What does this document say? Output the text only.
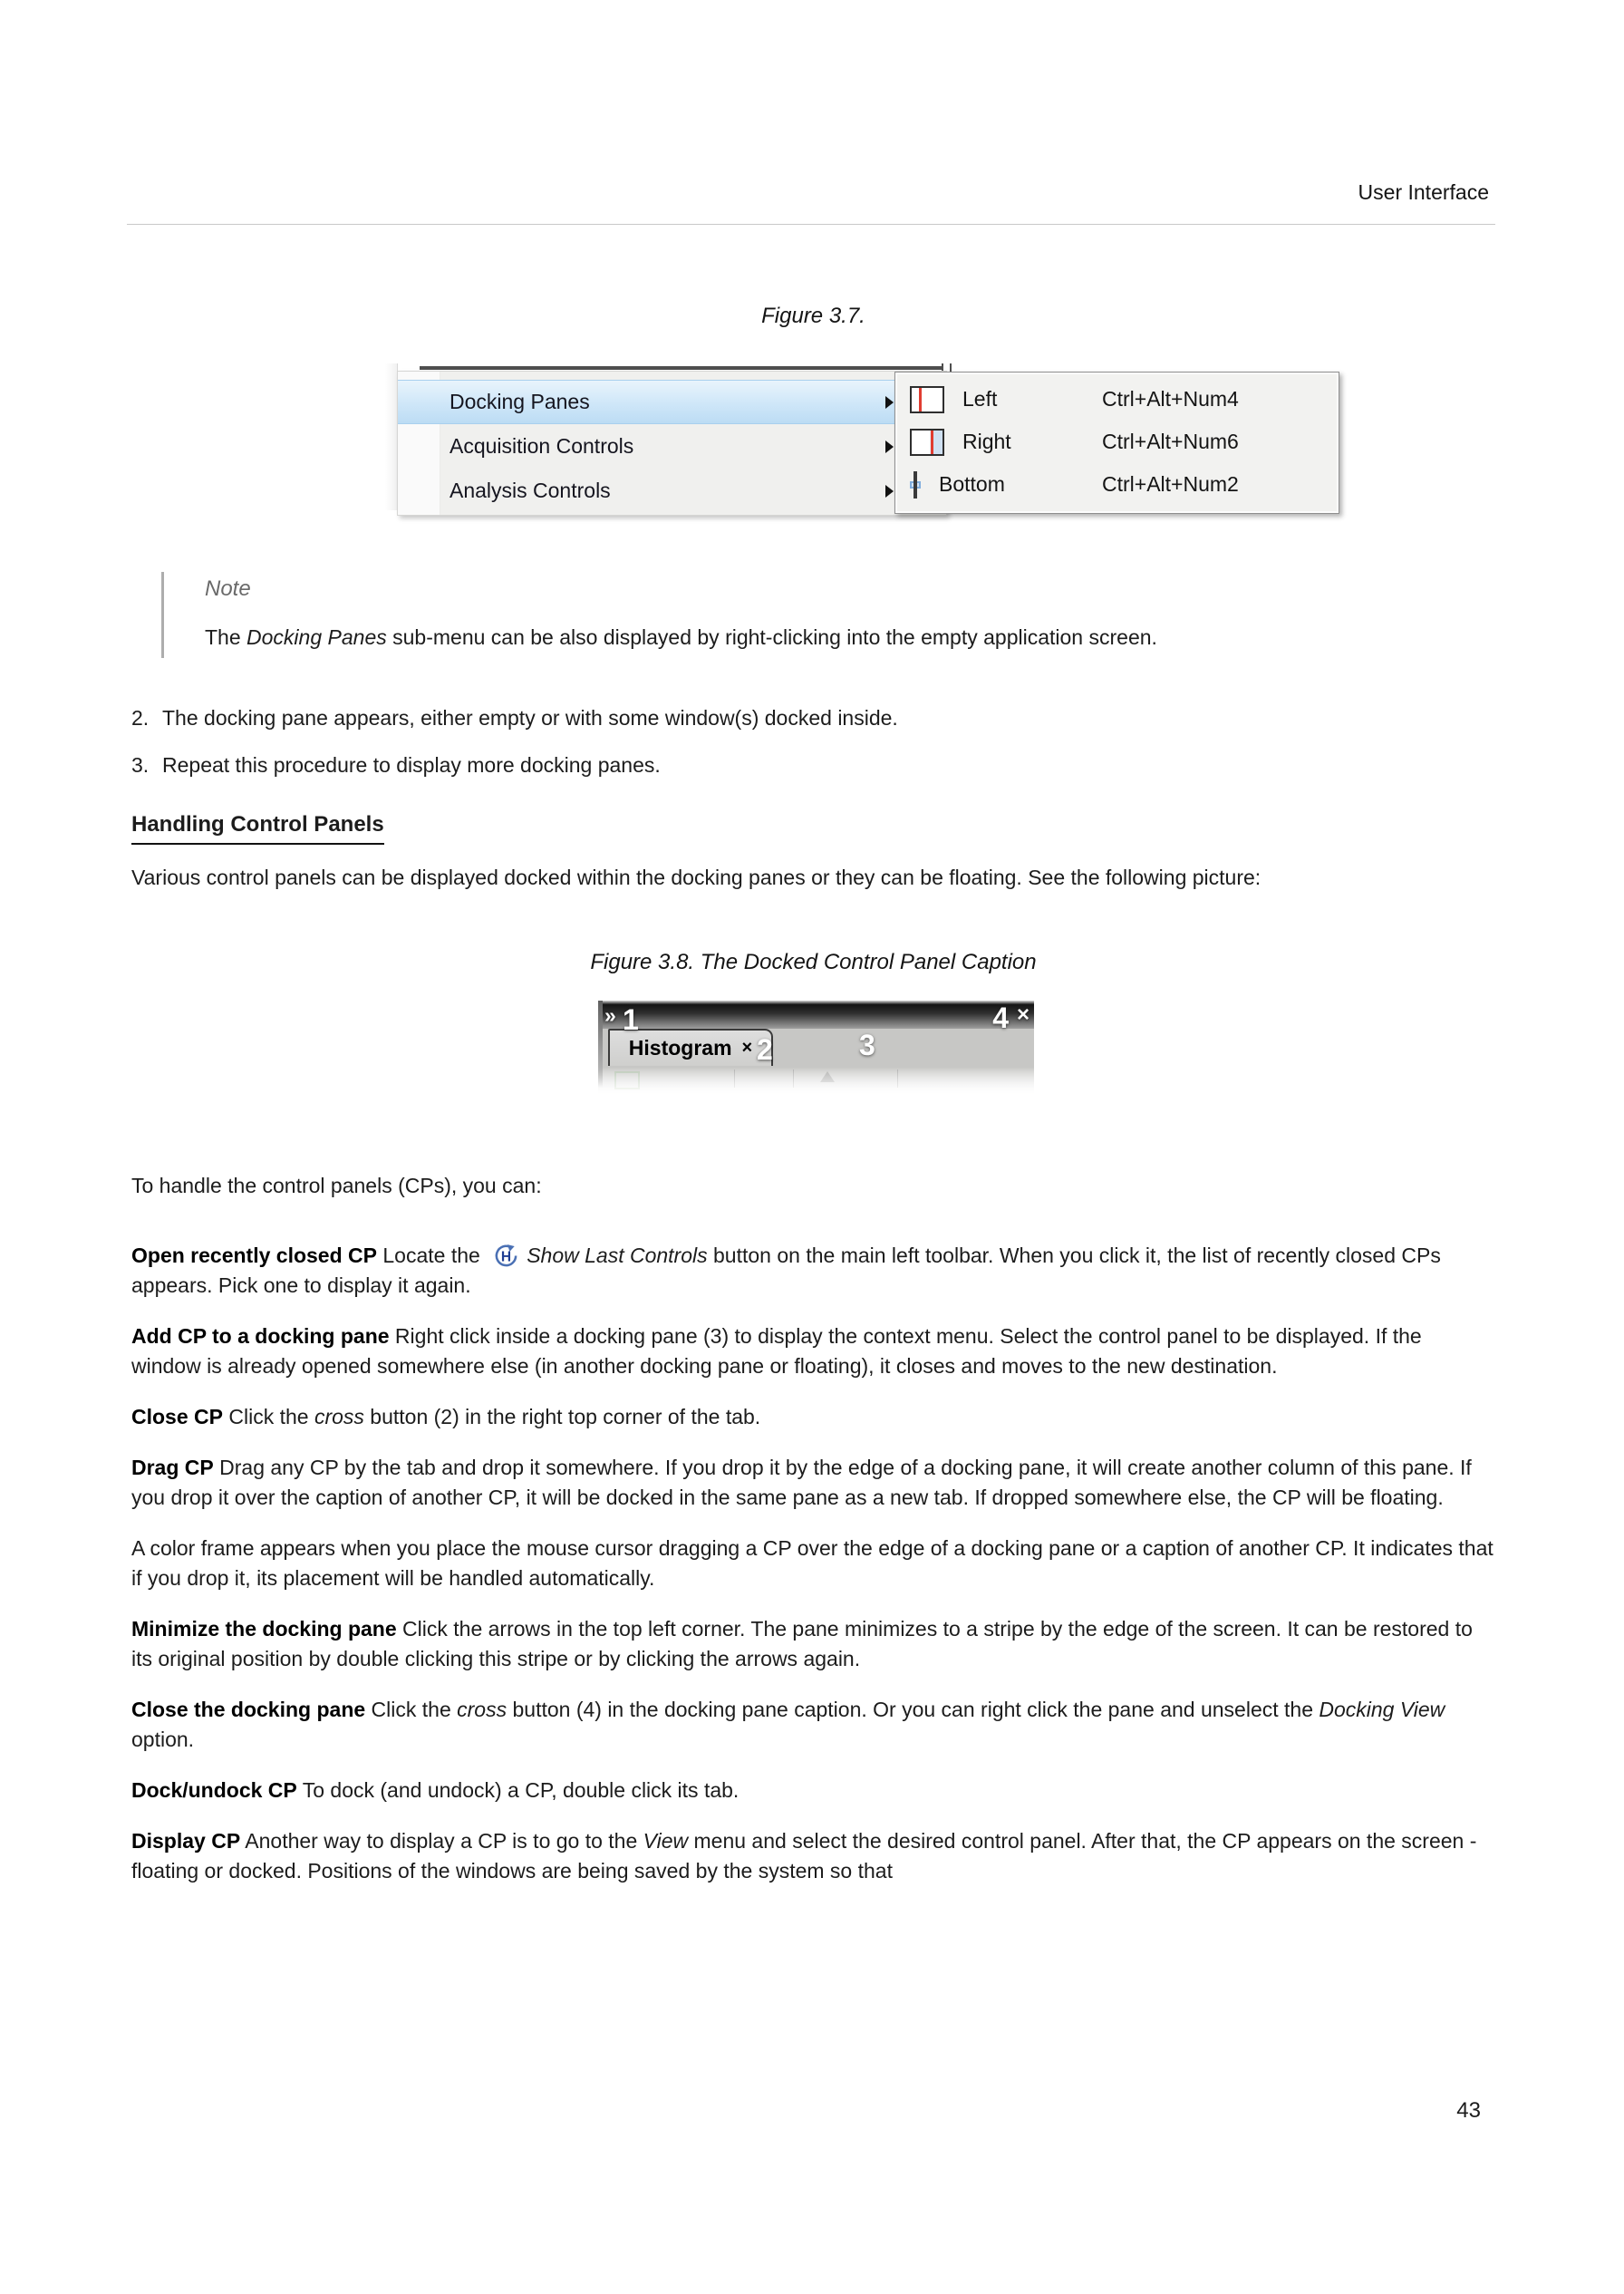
User Interface
Figure 3.7.
Docking Panes
Acquisition Controls
Analysis Controls
Left	Ctrl+Alt+Num4
Right	Ctrl+Alt+Num6
Bottom	Ctrl+Alt+Num2
Note
The Docking Panes sub-menu can be also displayed by right-clicking into the empty application screen.
2. The docking pane appears, either empty or with some window(s) docked inside.
3. Repeat this procedure to display more docking panes.
Handling Control Panels

Various control panels can be displayed docked within the docking panes or they can be floating. See the following picture:

Figure 3.8. The Docked Control Panel Caption
Histogram ×
» 1
2	3
4 ×

To handle the control panels (CPs), you can:

Open recently closed CP Locate the H Show Last Controls button on the main left toolbar. When you click it, the list of recently closed CPs appears. Pick one to display it again.

Add CP to a docking pane Right click inside a docking pane (3) to display the context menu. Select the control panel to be displayed. If the window is already opened somewhere else (in another docking pane or floating), it closes and moves to the new destination.

Close CP Click the cross button (2) in the right top corner of the tab.

Drag CP Drag any CP by the tab and drop it somewhere. If you drop it by the edge of a docking pane, it will create another column of this pane. If you drop it over the caption of another CP, it will be docked in the same pane as a new tab. If dropped somewhere else, the CP will be floating.

A color frame appears when you place the mouse cursor dragging a CP over the edge of a docking pane or a caption of another CP. It indicates that if you drop it, its placement will be handled automatically.

Minimize the docking pane Click the arrows in the top left corner. The pane minimizes to a stripe by the edge of the screen. It can be restored to its original position by double clicking this stripe or by clicking the arrows again.

Close the docking pane Click the cross button (4) in the docking pane caption. Or you can right click the pane and unselect the Docking View option.

Dock/undock CP To dock (and undock) a CP, double click its tab.

Display CP Another way to display a CP is to go to the View menu and select the desired control panel. After that, the CP appears on the screen - floating or docked. Positions of the windows are being saved by the system so that

43
